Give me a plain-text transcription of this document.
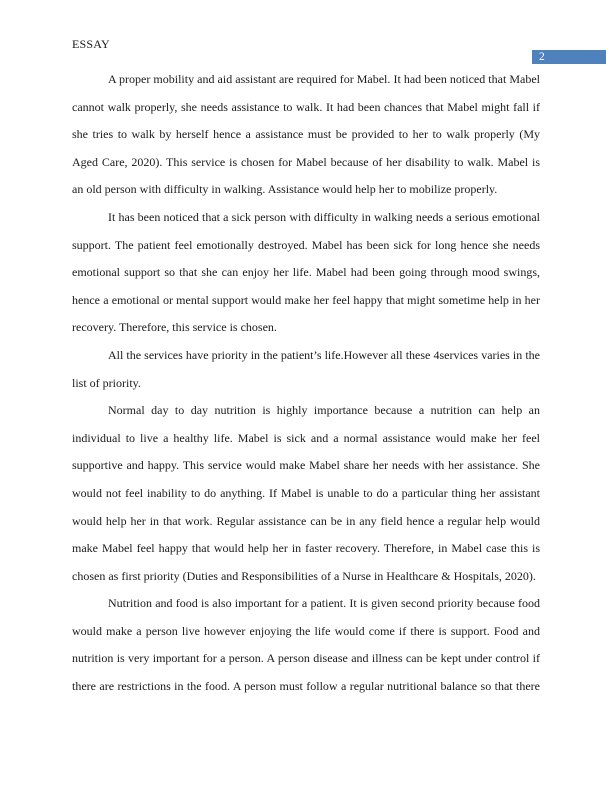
ESSAY
2

A proper mobility and aid assistant are required for Mabel. It had been noticed that Mabel cannot walk properly, she needs assistance to walk. It had been chances that Mabel might fall if she tries to walk by herself hence a assistance must be provided to her to walk properly (My Aged Care, 2020). This service is chosen for Mabel because of her disability to walk. Mabel is an old person with difficulty in walking. Assistance would help her to mobilize properly.

It has been noticed that a sick person with difficulty in walking needs a serious emotional support. The patient feel emotionally destroyed. Mabel has been sick for long hence she needs emotional support so that she can enjoy her life. Mabel had been going through mood swings, hence a emotional or mental support would make her feel happy that might sometime help in her recovery. Therefore, this service is chosen.

All the services have priority in the patient’s life.However all these 4services varies in the list of priority.

Normal day to day nutrition is highly importance because a nutrition can help an individual to live a healthy life. Mabel is sick and a normal assistance would make her feel supportive and happy. This service would make Mabel share her needs with her assistance. She would not feel inability to do anything. If Mabel is unable to do a particular thing her assistant would help her in that work. Regular assistance can be in any field hence a regular help would make Mabel feel happy that would help her in faster recovery. Therefore, in Mabel case this is chosen as first priority (Duties and Responsibilities of a Nurse in Healthcare & Hospitals, 2020).

Nutrition and food is also important for a patient. It is given second priority because food would make a person live however enjoying the life would come if there is support. Food and nutrition is very important for a person. A person disease and illness can be kept under control if there are restrictions in the food. A person must follow a regular nutritional balance so that there
